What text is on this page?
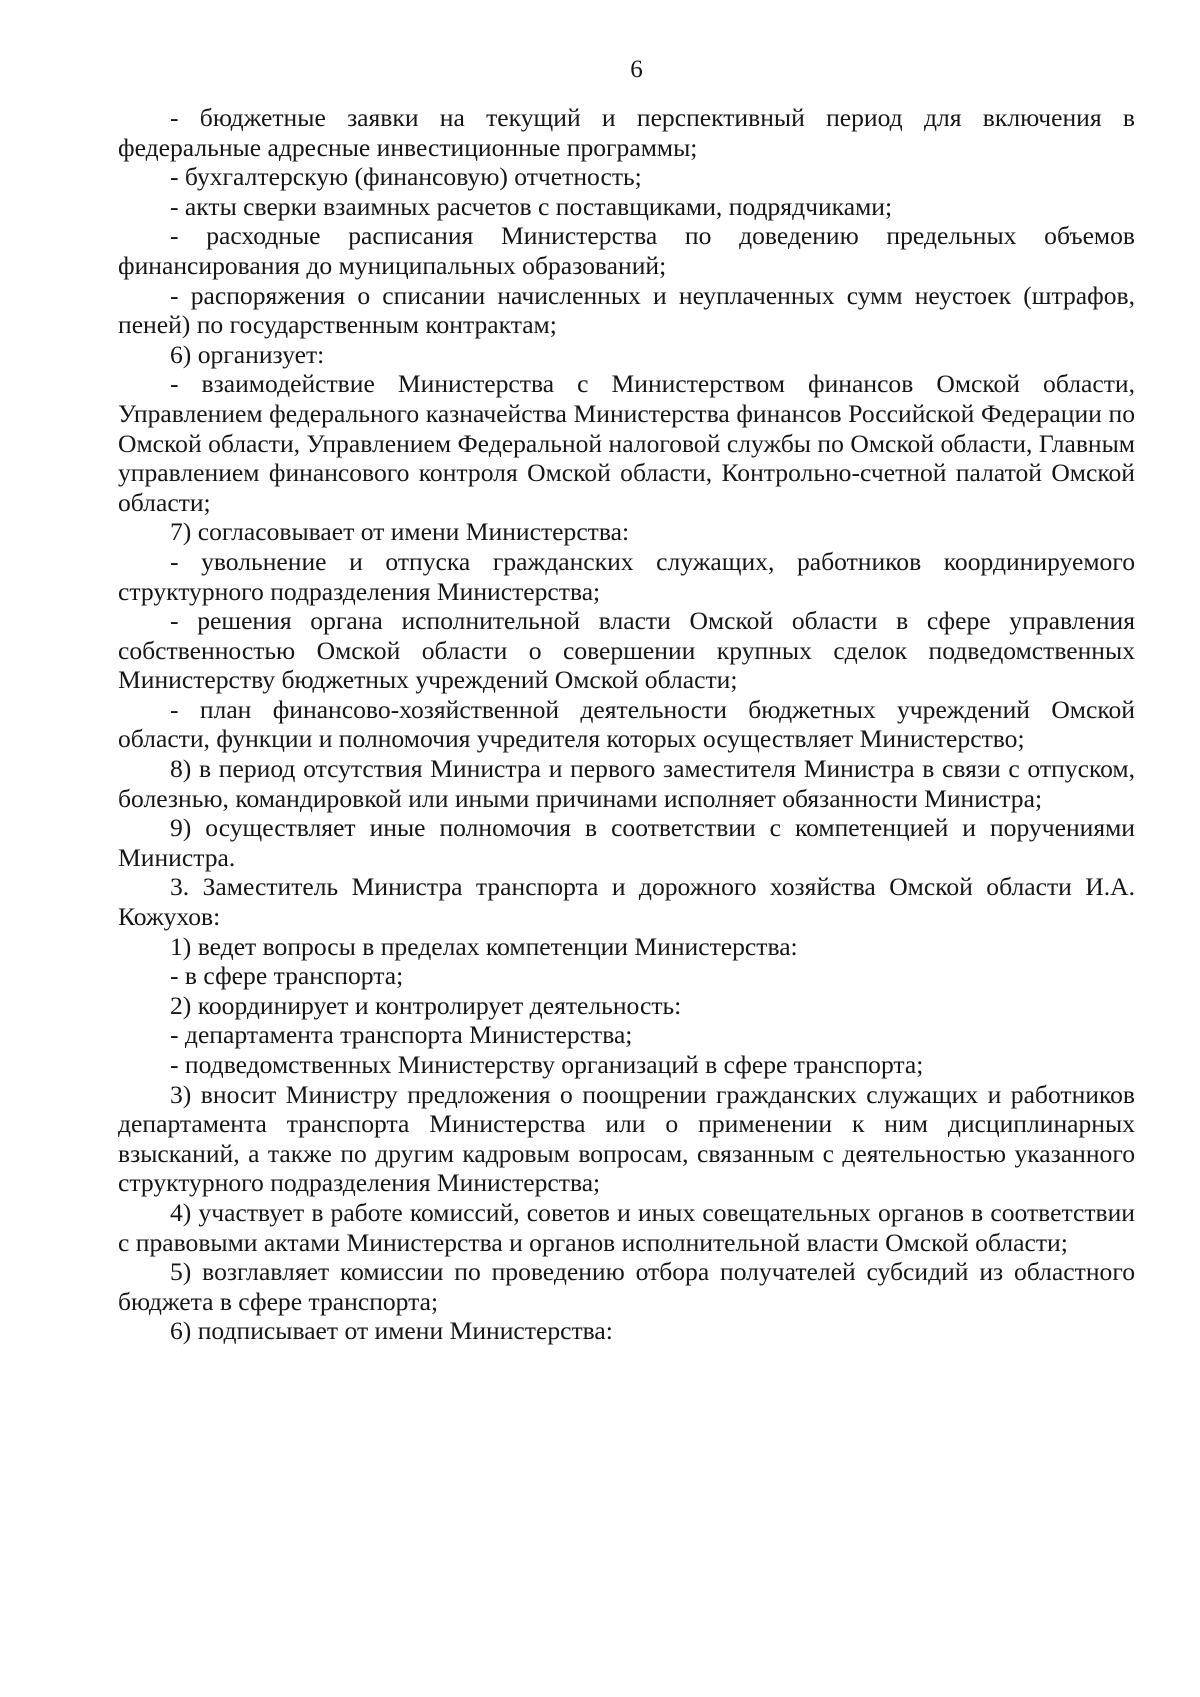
6

- бюджетные заявки на текущий и перспективный период для включения в федеральные адресные инвестиционные программы;

- бухгалтерскую (финансовую) отчетность;

- акты сверки взаимных расчетов с поставщиками, подрядчиками;

- расходные расписания Министерства по доведению предельных объемов финансирования до муниципальных образований;

- распоряжения о списании начисленных и неуплаченных сумм неустоек (штрафов, пеней) по государственным контрактам;

6) организует:

- взаимодействие Министерства с Министерством финансов Омской области, Управлением федерального казначейства Министерства финансов Российской Федерации по Омской области, Управлением Федеральной налоговой службы по Омской области, Главным управлением финансового контроля Омской области, Контрольно-счетной палатой Омской области;

7) согласовывает от имени Министерства:

- увольнение и отпуска гражданских служащих, работников координируемого структурного подразделения Министерства;

- решения органа исполнительной власти Омской области в сфере управления собственностью Омской области о совершении крупных сделок подведомственных Министерству бюджетных учреждений Омской области;

- план финансово-хозяйственной деятельности бюджетных учреждений Омской области, функции и полномочия учредителя которых осуществляет Министерство;

8) в период отсутствия Министра и первого заместителя Министра в связи с отпуском, болезнью, командировкой или иными причинами исполняет обязанности Министра;

9) осуществляет иные полномочия в соответствии с компетенцией и поручениями Министра.

3. Заместитель Министра транспорта и дорожного хозяйства Омской области И.А. Кожухов:

1) ведет вопросы в пределах компетенции Министерства:

- в сфере транспорта;

2) координирует и контролирует деятельность:

- департамента транспорта Министерства;

- подведомственных Министерству организаций в сфере транспорта;

3) вносит Министру предложения о поощрении гражданских служащих и работников департамента транспорта Министерства или о применении к ним дисциплинарных взысканий, а также по другим кадровым вопросам, связанным с деятельностью указанного структурного подразделения Министерства;

4) участвует в работе комиссий, советов и иных совещательных органов в соответствии с правовыми актами Министерства и органов исполнительной власти Омской области;

5) возглавляет комиссии по проведению отбора получателей субсидий из областного бюджета в сфере транспорта;

6) подписывает от имени Министерства:
